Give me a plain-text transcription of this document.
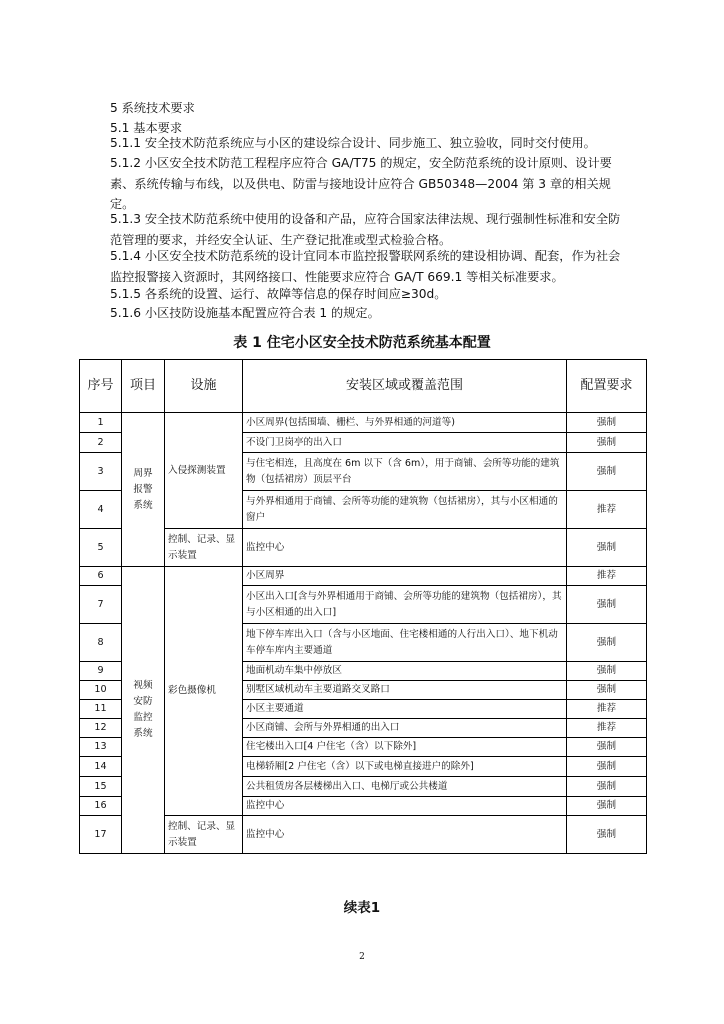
5 系统技术要求
5.1 基本要求
5.1.1 安全技术防范系统应与小区的建设综合设计、同步施工、独立验收，同时交付使用。
5.1.2 小区安全技术防范工程程序应符合 GA/T75 的规定，安全防范系统的设计原则、设计要素、系统传输与布线，以及供电、防雷与接地设计应符合 GB50348—2004 第 3 章的相关规定。
5.1.3 安全技术防范系统中使用的设备和产品，应符合国家法律法规、现行强制性标准和安全防范管理的要求，并经安全认证、生产登记批准或型式检验合格。
5.1.4 小区安全技术防范系统的设计宜同本市监控报警联网系统的建设相协调、配套，作为社会监控报警接入资源时，其网络接口、性能要求应符合 GA/T 669.1 等相关标准要求。
5.1.5 各系统的设置、运行、故障等信息的保存时间应≥30d。
5.1.6 小区技防设施基本配置应符合表 1 的规定。
表 1 住宅小区安全技术防范系统基本配置
序号	项目	设施	安装区域或覆盖范围	配置要求
1	周界报警系统	入侵探测装置	小区周界(包括围墙、栅栏、与外界相通的河道等)	强制
2			不设门卫岗亭的出入口	强制
3			与住宅相连，且高度在 6m 以下（含 6m），用于商铺、会所等功能的建筑物（包括裙房）顶层平台	强制
4			与外界相通用于商铺、会所等功能的建筑物（包括裙房），其与小区相通的窗户	推荐
5		控制、记录、显示装置	监控中心	强制
6	视频安防监控系统	彩色摄像机	小区周界	推荐
7			小区出入口[含与外界相通用于商铺、会所等功能的建筑物（包括裙房），其与小区相通的出入口]	强制
8			地下停车库出入口（含与小区地面、住宅楼相通的人行出入口）、地下机动车停车库内主要通道	强制
9			地面机动车集中停放区	强制
10			别墅区域机动车主要道路交叉路口	强制
11			小区主要通道	推荐
12			小区商铺、会所与外界相通的出入口	推荐
13			住宅楼出入口[4 户住宅（含）以下除外]	强制
14			电梯轿厢[2 户住宅（含）以下或电梯直接进户的除外]	强制
15			公共租赁房各层楼梯出入口、电梯厅或公共楼道	强制
16			监控中心	强制
17		控制、记录、显示装置	监控中心	强制
续表1
2
